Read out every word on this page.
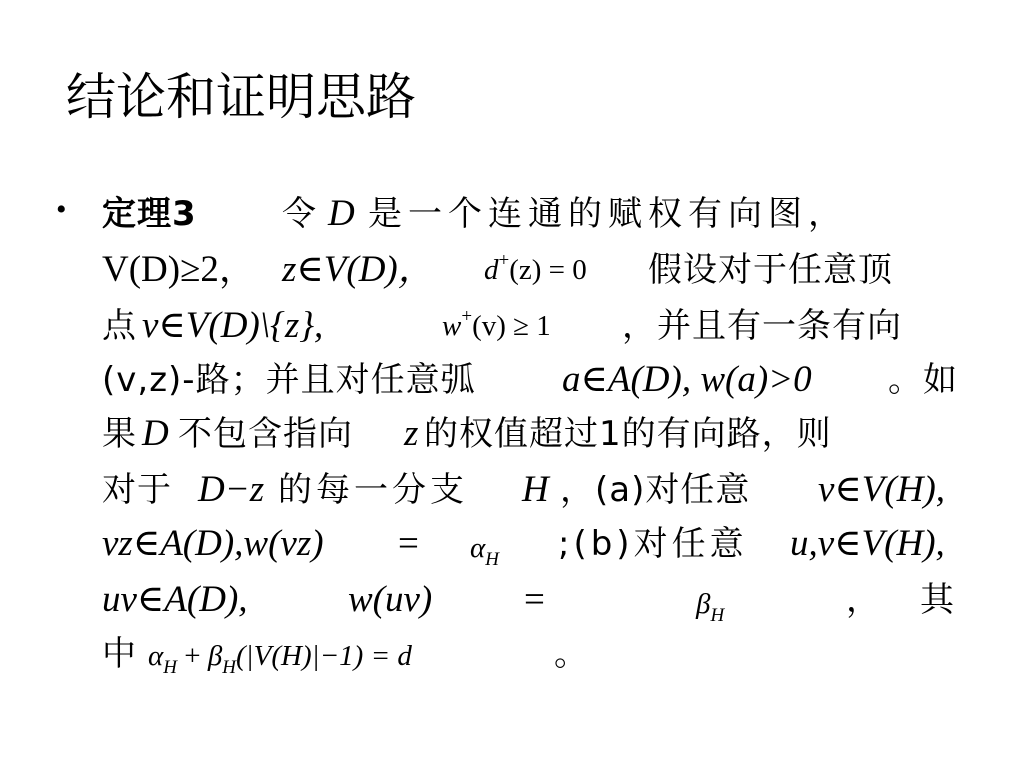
结论和证明思路
• 定理3	令 D 是一个连通的赋权有向图，
V(D)≥2， z∈V(D)， d+(z) = 0 假设对于任意顶
点 v∈V(D)\{z},	w+(v) ≥ 1 ，并且有一条有向
(v,z)-路；并且对任意弧 a∈A(D), w(a)>0 。如
果 D 不包含指向 z 的权值超过1的有向路，则
对于 D−z 的每一分支 H ，(a)对任意 v∈V(H),
vz∈A(D),w(vz) = $\alpha_H$ ;(b)对任意 u,v∈V(H),
uv∈A(D),	w(uv) =	$\beta_H$	， 其
中 $\alpha_H + \beta_H(|V(H)|-1) = d$	。
